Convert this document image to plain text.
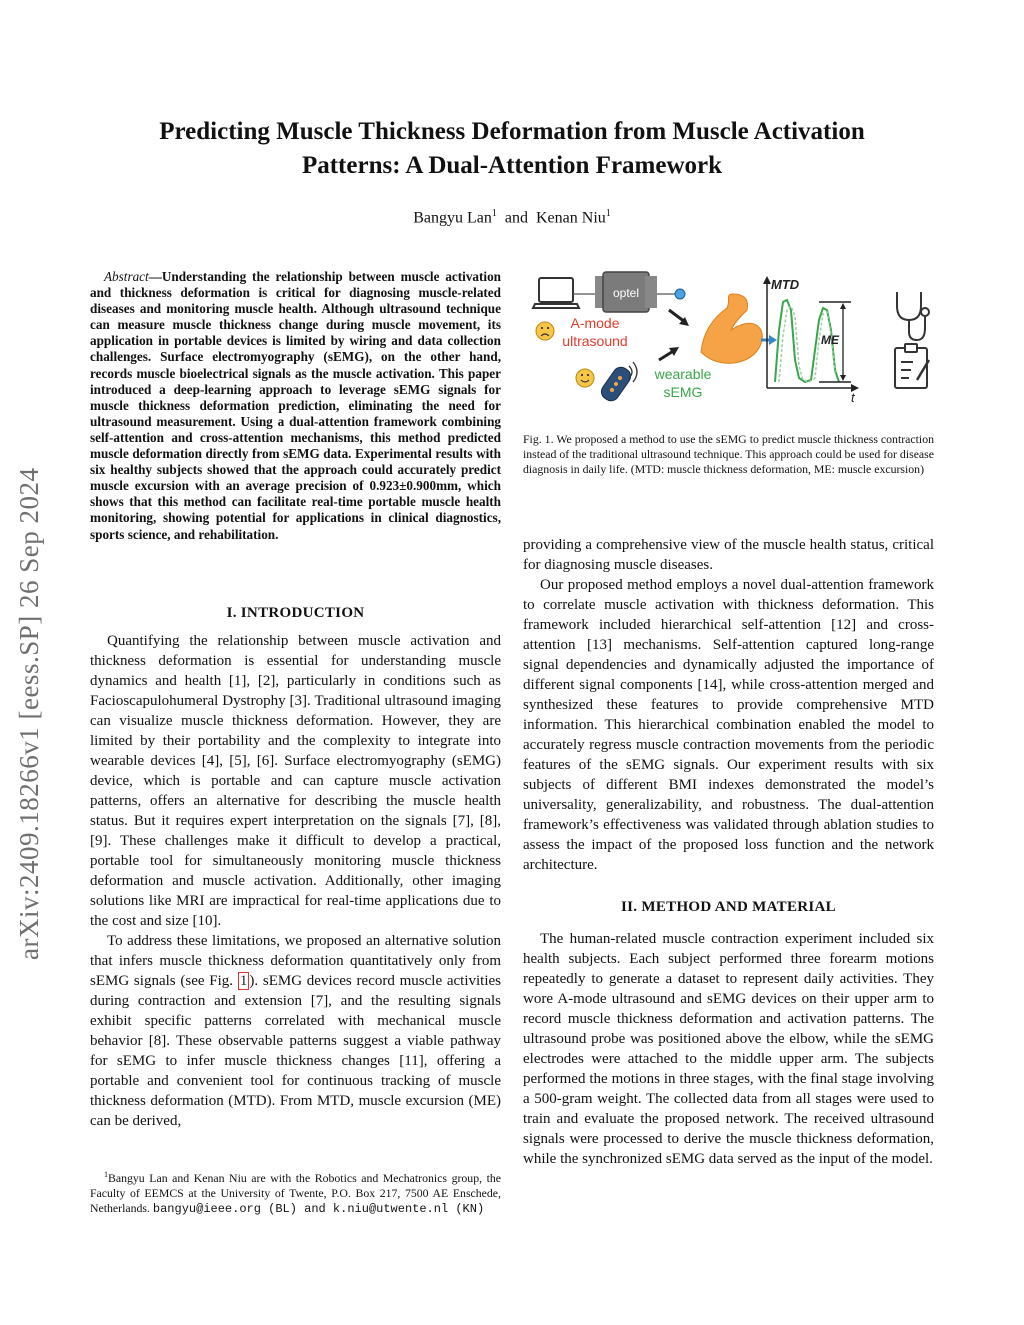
arXiv:2409.18266v1 [eess.SP] 26 Sep 2024
Predicting Muscle Thickness Deformation from Muscle Activation
Patterns: A Dual-Attention Framework
Bangyu Lan$^1$ and Kenan Niu$^1$

Abstract—Understanding the relationship between muscle activation and thickness deformation is critical for diagnosing muscle-related diseases and monitoring muscle health. Although ultrasound technique can measure muscle thickness change during muscle movement, its application in portable devices is limited by wiring and data collection challenges. Surface electromyography (sEMG), on the other hand, records muscle bioelectrical signals as the muscle activation. This paper introduced a deep-learning approach to leverage sEMG signals for muscle thickness deformation prediction, eliminating the need for ultrasound measurement. Using a dual-attention framework combining self-attention and cross-attention mechanisms, this method predicted muscle deformation directly from sEMG data. Experimental results with six healthy subjects showed that the approach could accurately predict muscle excursion with an average precision of 0.923±0.900mm, which shows that this method can facilitate real-time portable muscle health monitoring, showing potential for applications in clinical diagnostics, sports science, and rehabilitation.

I. INTRODUCTION

Quantifying the relationship between muscle activation and thickness deformation is essential for understanding muscle dynamics and health [1], [2], particularly in conditions such as Facioscapulohumeral Dystrophy [3]. Traditional ultrasound imaging can visualize muscle thickness deformation. However, they are limited by their portability and the complexity to integrate into wearable devices [4], [5], [6]. Surface electromyography (sEMG) device, which is portable and can capture muscle activation patterns, offers an alternative for describing the muscle health status. But it requires expert interpretation on the signals [7], [8], [9]. These challenges make it difficult to develop a practical, portable tool for simultaneously monitoring muscle thickness deformation and muscle activation. Additionally, other imaging solutions like MRI are impractical for real-time applications due to the cost and size [10].

To address these limitations, we proposed an alternative solution that infers muscle thickness deformation quantitatively only from sEMG signals (see Fig. 1 ). sEMG devices record muscle activities during contraction and extension [7], and the resulting signals exhibit specific patterns correlated with mechanical muscle behavior [8]. These observable patterns suggest a viable pathway for sEMG to infer muscle thickness changes [11], offering a portable and convenient tool for continuous tracking of muscle thickness deformation (MTD). From MTD, muscle excursion (ME) can be derived,

$^1$Bangyu Lan and Kenan Niu are with the Robotics and Mechatronics group, the Faculty of EEMCS at the University of Twente, P.O. Box 217, 7500 AE Enschede, Netherlands. bangyu@ieee.org (BL) and k.niu@utwente.nl (KN)
optel
A-mode
ultrasound
wearable
sEMG
MTD
t
ME

Fig. 1. We proposed a method to use the sEMG to predict muscle thickness contraction instead of the traditional ultrasound technique. This approach could be used for disease diagnosis in daily life. (MTD: muscle thickness deformation, ME: muscle excursion)

providing a comprehensive view of the muscle health status, critical for diagnosing muscle diseases.

Our proposed method employs a novel dual-attention framework to correlate muscle activation with thickness deformation. This framework included hierarchical self-attention [12] and cross-attention [13] mechanisms. Self-attention captured long-range signal dependencies and dynamically adjusted the importance of different signal components [14], while cross-attention merged and synthesized these features to provide comprehensive MTD information. This hierarchical combination enabled the model to accurately regress muscle contraction movements from the periodic features of the sEMG signals. Our experiment results with six subjects of different BMI indexes demonstrated the model’s universality, generalizability, and robustness. The dual-attention framework’s effectiveness was validated through ablation studies to assess the impact of the proposed loss function and the network architecture.

II. METHOD AND MATERIAL

The human-related muscle contraction experiment included six health subjects. Each subject performed three forearm motions repeatedly to generate a dataset to represent daily activities. They wore A-mode ultrasound and sEMG devices on their upper arm to record muscle thickness deformation and activation patterns. The ultrasound probe was positioned above the elbow, while the sEMG electrodes were attached to the middle upper arm. The subjects performed the motions in three stages, with the final stage involving a 500-gram weight. The collected data from all stages were used to train and evaluate the proposed network. The received ultrasound signals were processed to derive the muscle thickness deformation, while the synchronized sEMG data served as the input of the model.
